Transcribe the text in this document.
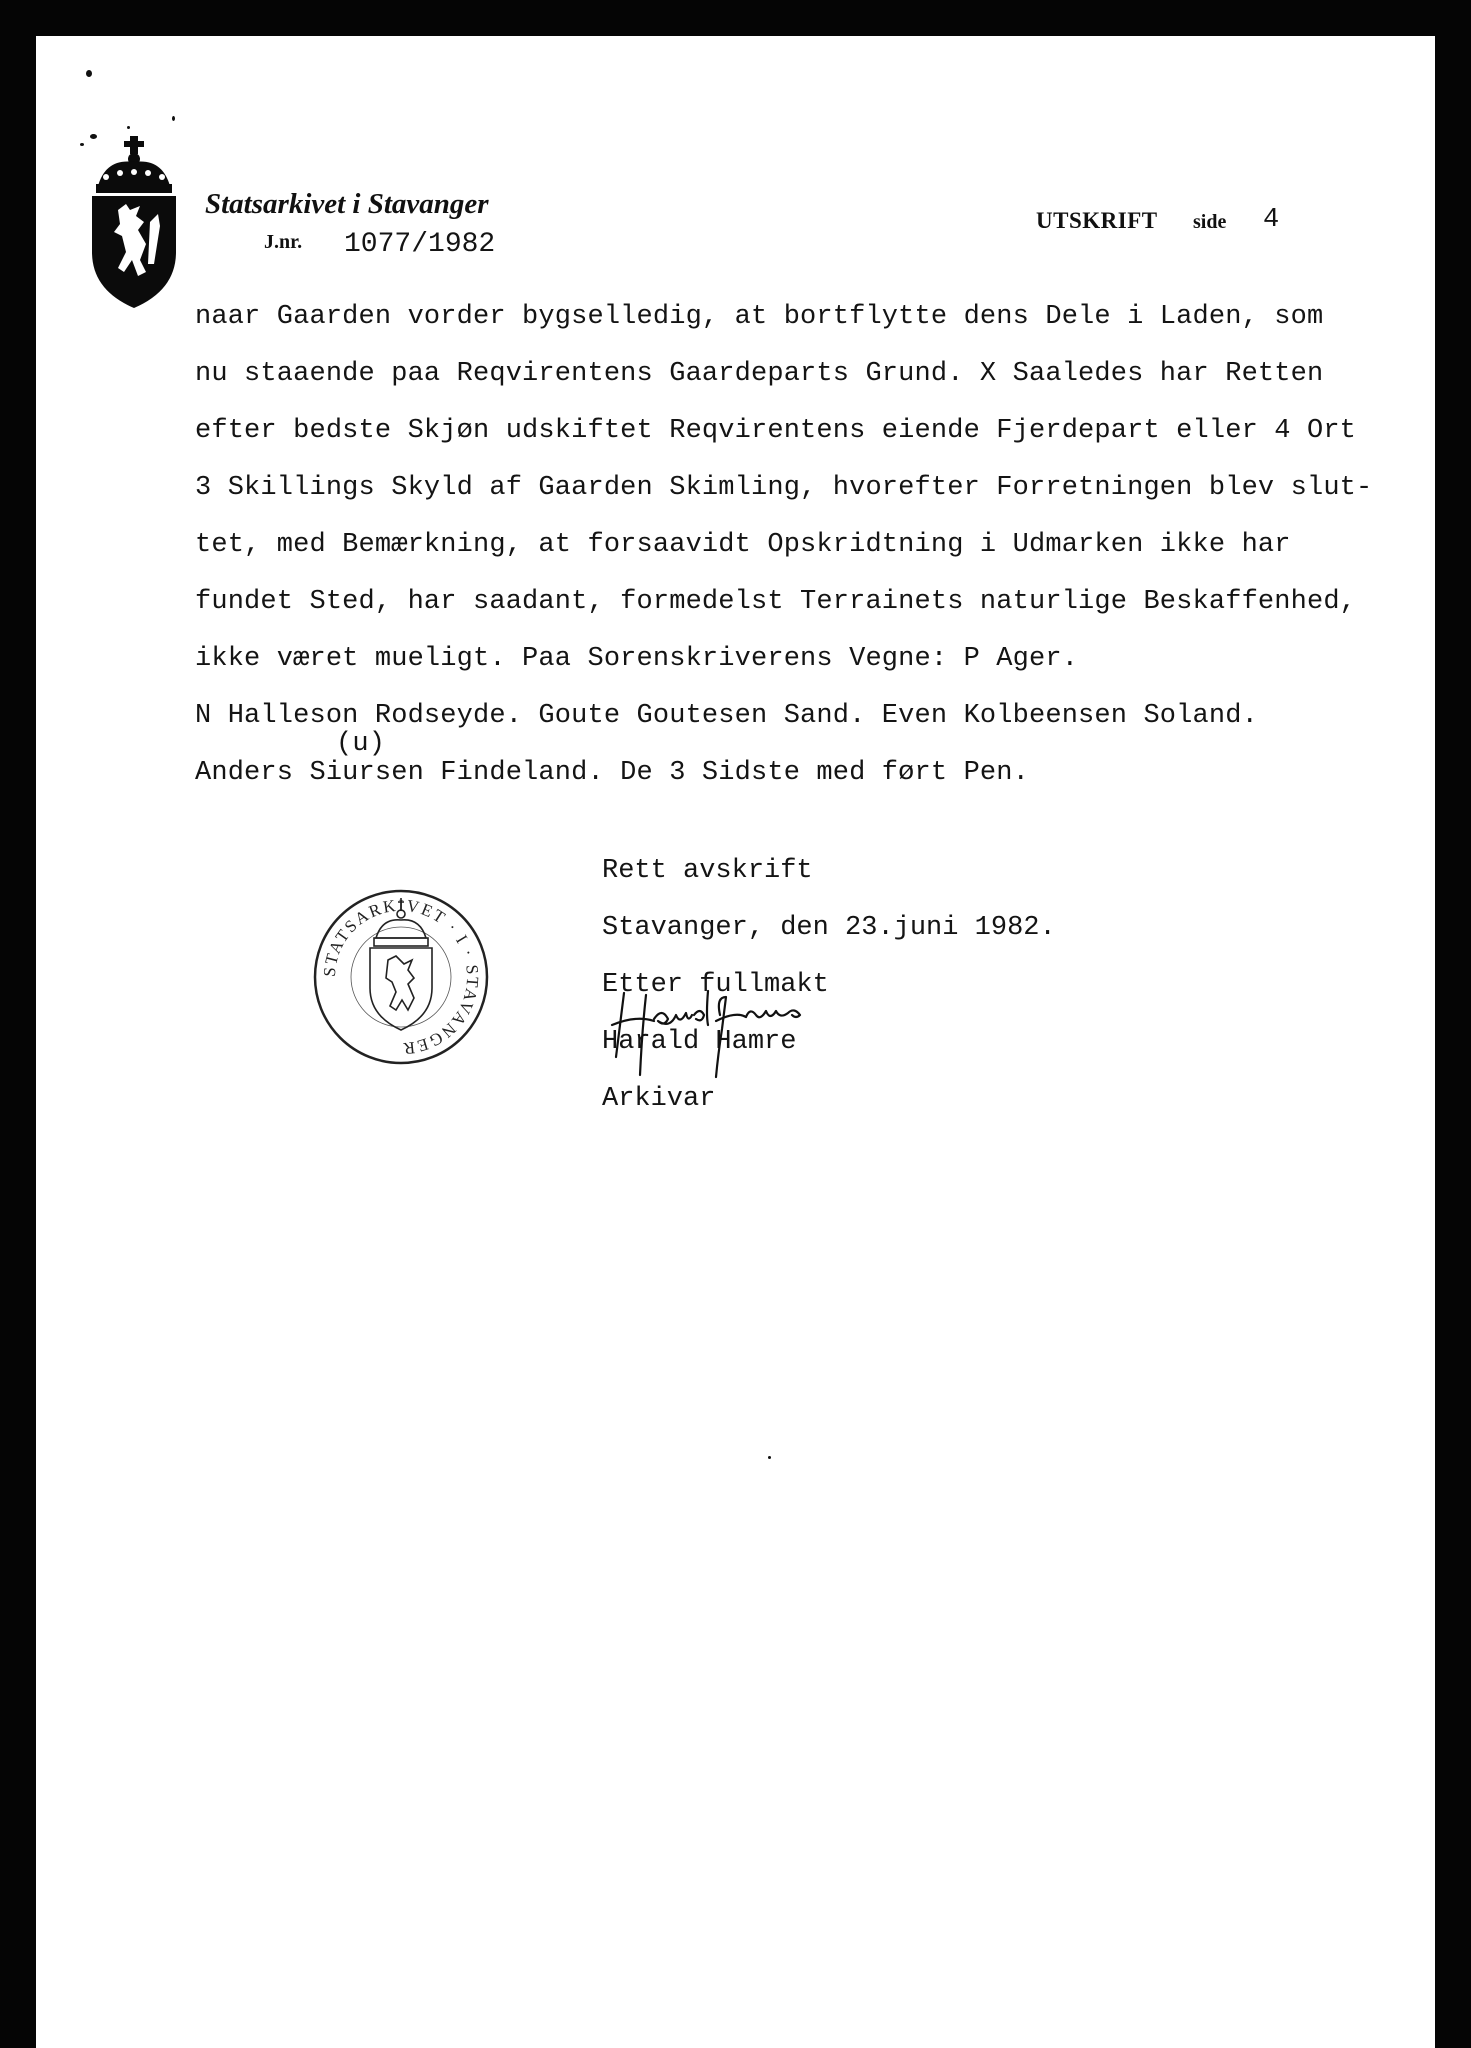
Statsarkivet i Stavanger
J.nr. 1077/1982
UTSKRIFT side 4
naar Gaarden vorder bygselledig, at bortflytte dens Dele i Laden, som
nu staaende paa Reqvirentens Gaardeparts Grund. X Saaledes har Retten
efter bedste Skjøn udskiftet Reqvirentens eiende Fjerdepart eller 4 Ort
3 Skillings Skyld af Gaarden Skimling, hvorefter Forretningen blev slut-
tet, med Bemærkning, at forsaavidt Opskridtning i Udmarken ikke har
fundet Sted, har saadant, formedelst Terrainets naturlige Beskaffenhed,
ikke været muelig​t. Paa Sorenskriverens Vegne: P Ager.
N Halleson Rodseyde. Goute Goutesen Sand. Even Kolbeensen Soland.
(u)
Anders Siursen Findeland. De 3 Sidste med ført Pen.
Rett avskrift
Stavanger, den 23.juni 1982.
Etter fullmakt
Harald Hamre
Arkivar
STATSARKIVET · I · STAVANGER
